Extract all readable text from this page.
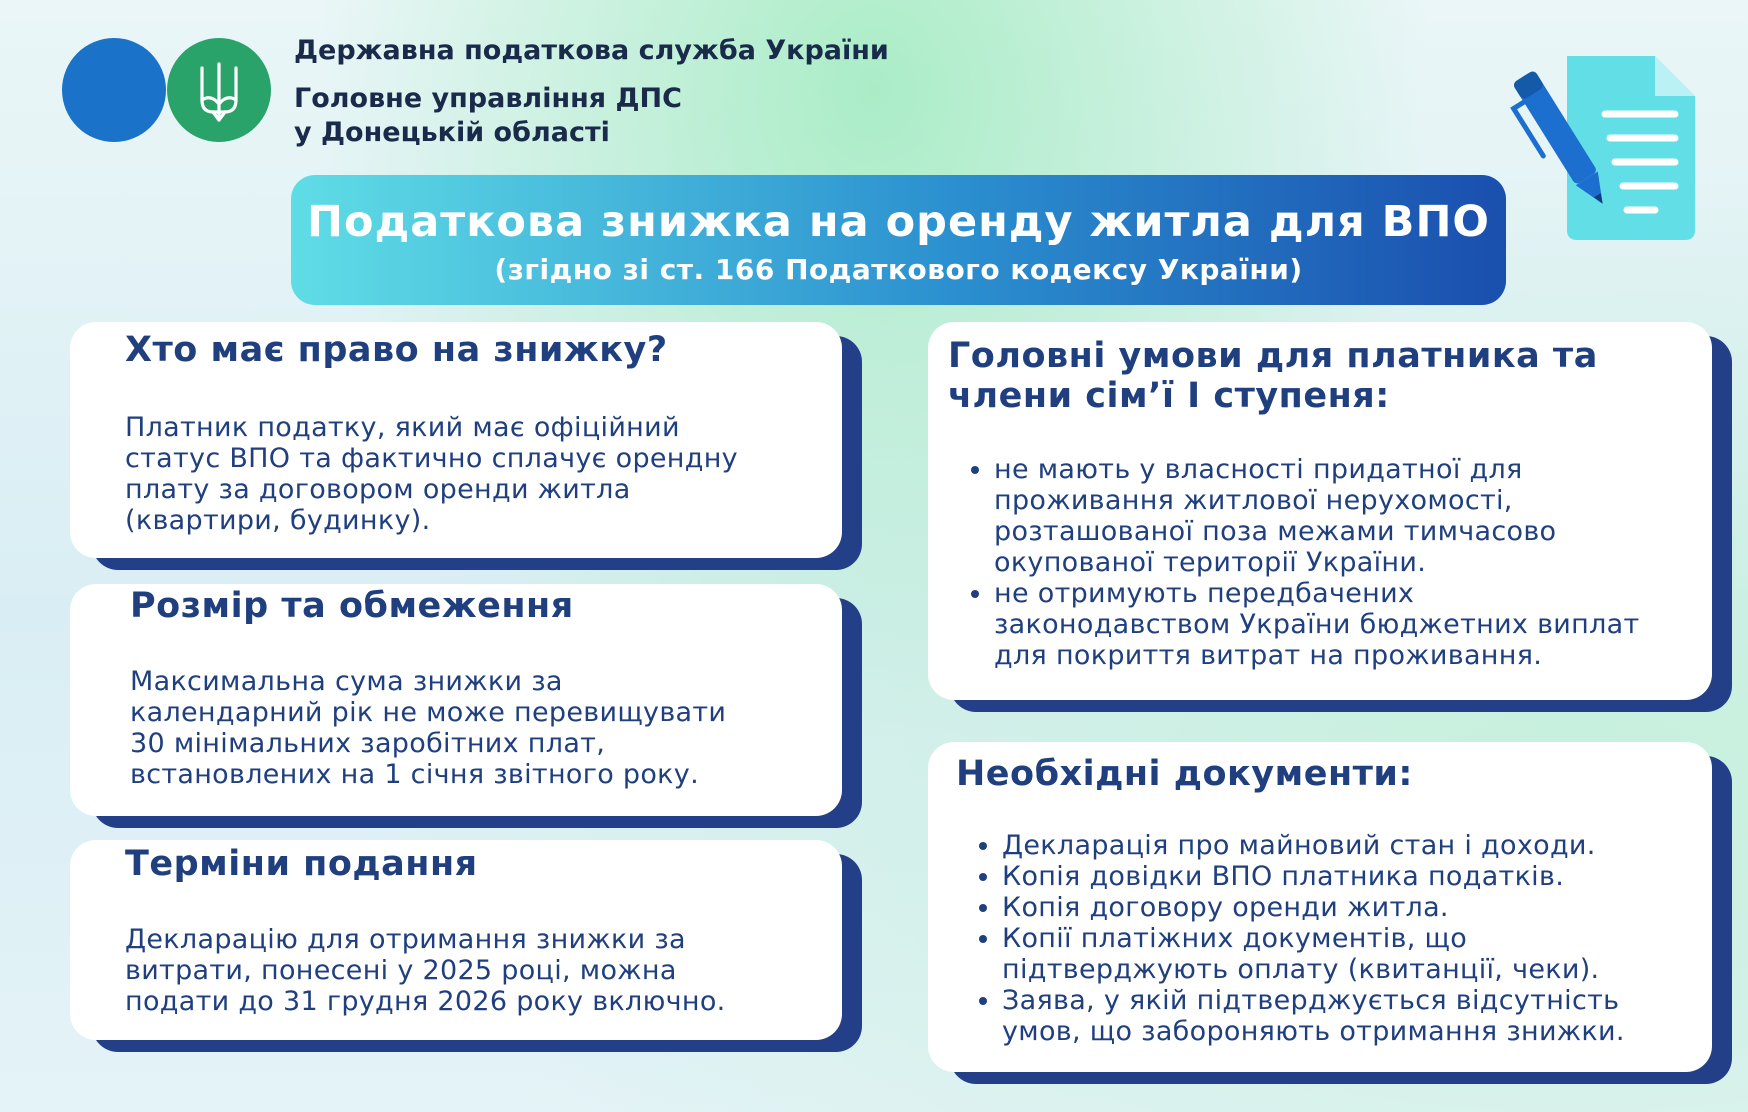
Державна податкова служба України
Головне управління ДПС
у Донецькій області
Податкова знижка на оренду житла для ВПО
(згідно зі ст. 166 Податкового кодексу України)
Хто має право на знижку?
Платник податку, який має офіційний
статус ВПО та фактично сплачує орендну
плату за договором оренди житла
(квартири, будинку).
Розмір та обмеження
Максимальна сума знижки за
календарний рік не може перевищувати
30 мінімальних заробітних плат,
встановлених на 1 січня звітного року.
Терміни подання
Декларацію для отримання знижки за
витрати, понесені у 2025 році, можна
подати до 31 грудня 2026 року включно.
Головні умови для платника та
члени сім’ї І ступеня:
• не мають у власності придатної для
проживання житлової нерухомості,
розташованої поза межами тимчасово
окупованої території України.
• не отримують передбачених
законодавством України бюджетних виплат
для покриття витрат на проживання.
Необхідні документи:
• Декларація про майновий стан і доходи.
• Копія довідки ВПО платника податків.
• Копія договору оренди житла.
• Копії платіжних документів, що
підтверджують оплату (квитанції, чеки).
• Заява, у якій підтверджується відсутність
умов, що забороняють отримання знижки.
